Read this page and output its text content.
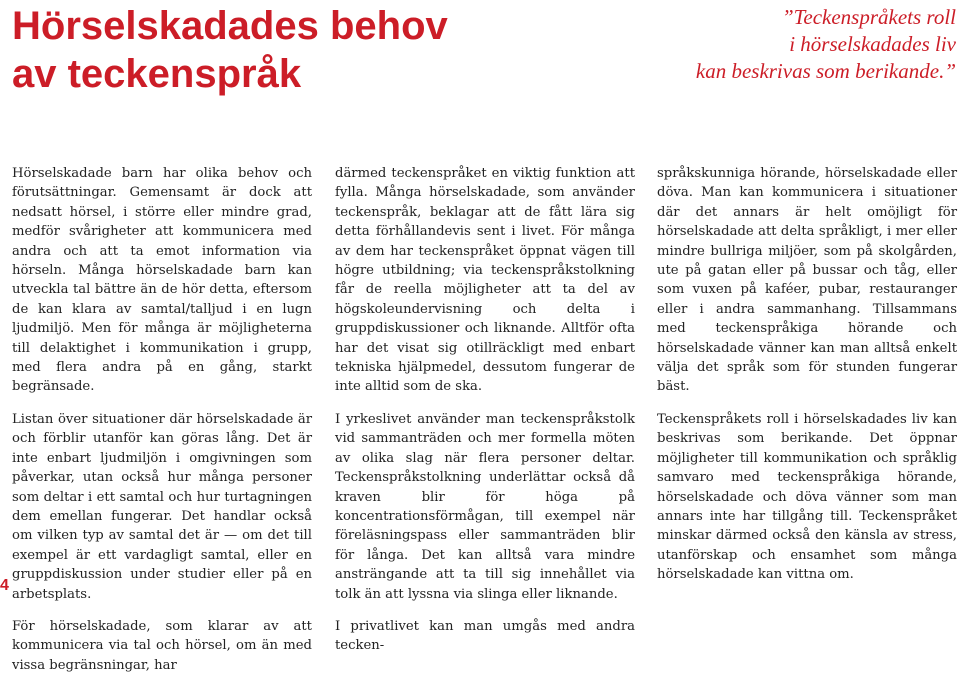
Hörselskadades behov
av teckenspråk
”Teckenspråkets roll
i hörselskadades liv
kan beskrivas som berikande.”

Hörselskadade barn har olika behov och förutsättningar. Gemensamt är dock att nedsatt hörsel, i större eller mindre grad, medför svårigheter att kommunicera med andra och att ta emot information via hörseln. Många hörselskadade barn kan utveckla tal bättre än de hör detta, eftersom de kan klara av samtal/talljud i en lugn ljudmiljö. Men för många är möjligheterna till delaktighet i kommunikation i grupp, med flera andra på en gång, starkt begränsade.

Listan över situationer där hörselskadade är och förblir utanför kan göras lång. Det är inte enbart ljudmiljön i omgivningen som påverkar, utan också hur många personer som deltar i ett samtal och hur turtagningen dem emellan fungerar. Det handlar också om vilken typ av samtal det är — om det till exempel är ett vardagligt samtal, eller en gruppdiskussion under studier eller på en arbetsplats.

För hörselskadade, som klarar av att kommunicera via tal och hörsel, om än med vissa begränsningar, har

därmed teckenspråket en viktig funktion att fylla. Många hörselskadade, som använder teckenspråk, beklagar att de fått lära sig detta förhållandevis sent i livet. För många av dem har teckenspråket öppnat vägen till högre utbildning; via teckenspråkstolkning får de reella möjligheter att ta del av högskoleundervisning och delta i gruppdiskussioner och liknande. Alltför ofta har det visat sig otillräckligt med enbart tekniska hjälpmedel, dessutom fungerar de inte alltid som de ska.

I yrkeslivet använder man teckenspråkstolk vid sammanträden och mer formella möten av olika slag när flera personer deltar. Teckenspråkstolkning underlättar också då kraven blir för höga på koncentrationsförmågan, till exempel när föreläsningspass eller sammanträden blir för långa. Det kan alltså vara mindre ansträngande att ta till sig innehållet via tolk än att lyssna via slinga eller liknande.

I privatlivet kan man umgås med andra tecken-

språkskunniga hörande, hörselskadade eller döva. Man kan kommunicera i situationer där det annars är helt omöjligt för hörselskadade att delta språkligt, i mer eller mindre bullriga miljöer, som på skolgården, ute på gatan eller på bussar och tåg, eller som vuxen på kaféer, pubar, restauranger eller i andra sammanhang. Tillsammans med teckenspråkiga hörande och hörselskadade vänner kan man alltså enkelt välja det språk som för stunden fungerar bäst.

Teckenspråkets roll i hörselskadades liv kan beskrivas som berikande. Det öppnar möjligheter till kommunikation och språklig samvaro med teckenspråkiga hörande, hörselskadade och döva vänner som man annars inte har tillgång till. Teckenspråket minskar därmed också den känsla av stress, utanförskap och ensamhet som många hörselskadade kan vittna om.

4
